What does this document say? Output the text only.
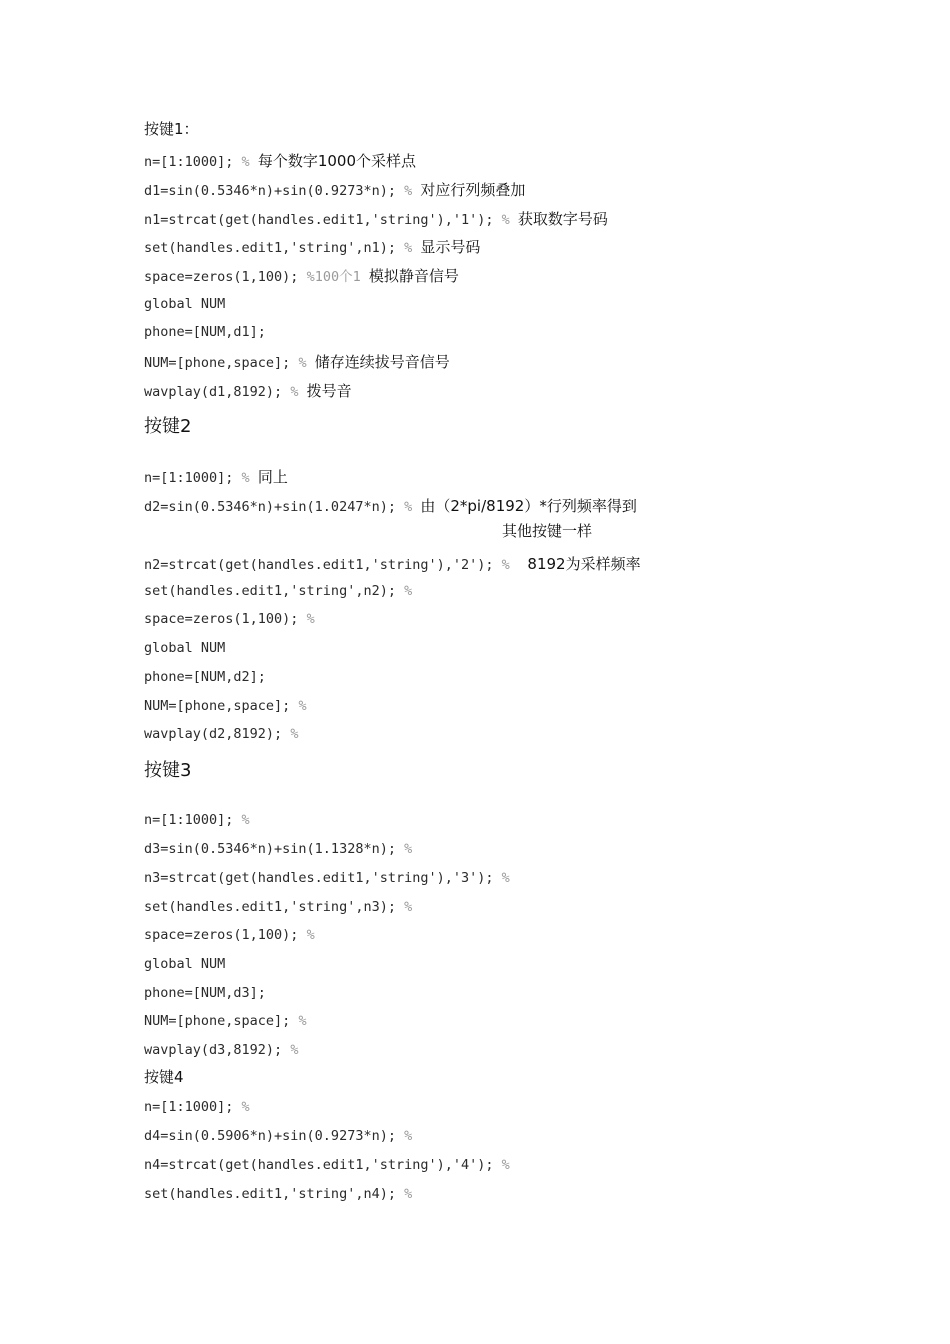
按键1：
n=[1:1000]; % 每个数字1000个采样点
d1=sin(0.5346*n)+sin(0.9273*n); % 对应行列频叠加
n1=strcat(get(handles.edit1,'string'),'1'); % 获取数字号码
set(handles.edit1,'string',n1); % 显示号码
space=zeros(1,100); %100个1 模拟静音信号
global NUM
phone=[NUM,d1];
NUM=[phone,space]; % 储存连续拔号音信号
wavplay(d1,8192); % 拨号音
按键2
n=[1:1000]; % 同上
d2=sin(0.5346*n)+sin(1.0247*n); % 由（2*pi/8192）*行列频率得到
其他按键一样
n2=strcat(get(handles.edit1,'string'),'2'); %   8192为采样频率
set(handles.edit1,'string',n2); %
space=zeros(1,100); %
global NUM
phone=[NUM,d2];
NUM=[phone,space]; %
wavplay(d2,8192); %
按键3
n=[1:1000]; %
d3=sin(0.5346*n)+sin(1.1328*n); %
n3=strcat(get(handles.edit1,'string'),'3'); %
set(handles.edit1,'string',n3); %
space=zeros(1,100); %
global NUM
phone=[NUM,d3];
NUM=[phone,space]; %
wavplay(d3,8192); %
按键4
n=[1:1000]; %
d4=sin(0.5906*n)+sin(0.9273*n); %
n4=strcat(get(handles.edit1,'string'),'4'); %
set(handles.edit1,'string',n4); %
